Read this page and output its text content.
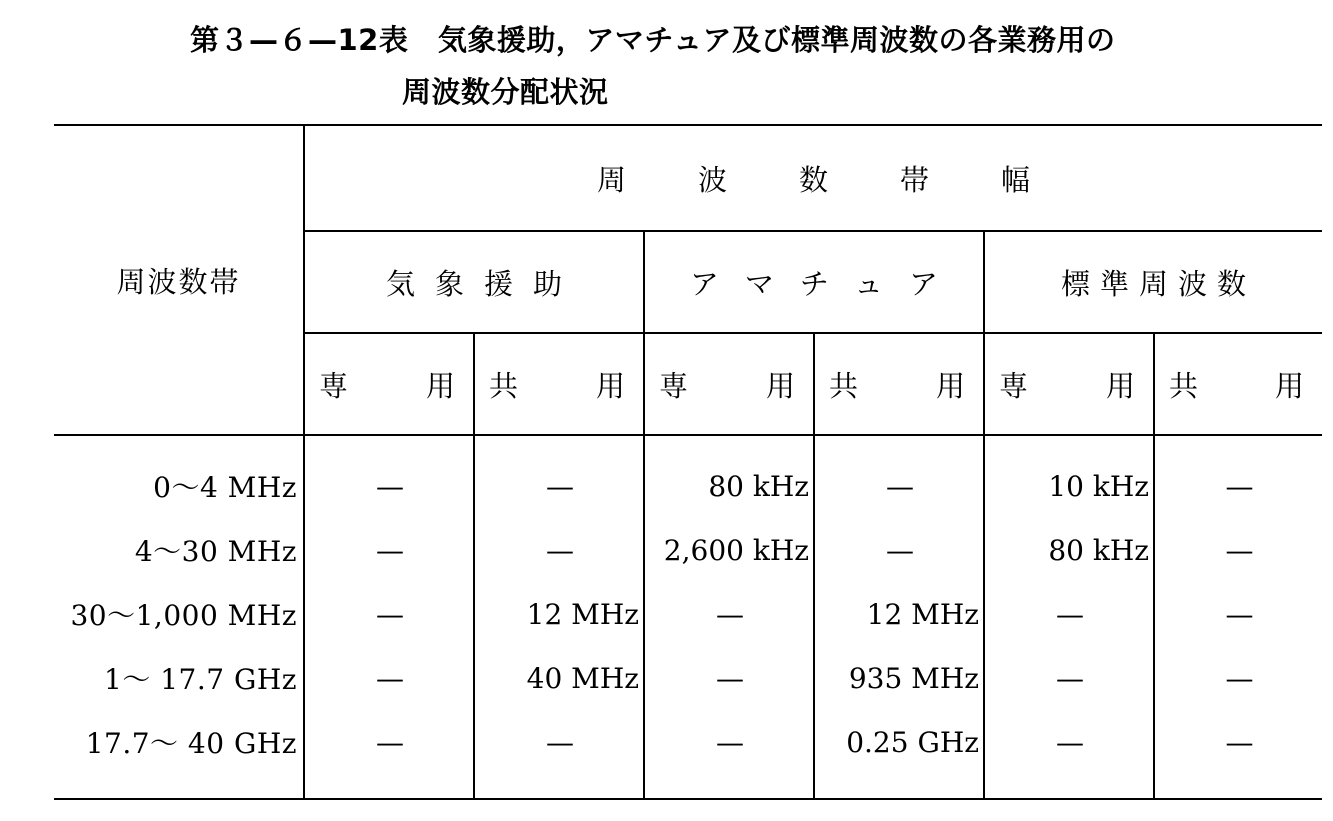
第３—６—12表　気象援助，アマチュア及び標準周波数の各業務用の
周波数分配状況
周波数帯	周波数帯幅					
	気象援助		アマチュア		標準周波数	

	専 用	共 用	専 用	共 用	専 用	共 用

0〜4 MHz	—	—	80 kHz	—	10 kHz	—
4〜30 MHz	—	—	2,600 kHz	—	80 kHz	—
30〜1,000 MHz	—	12 MHz	—	12 MHz	—	—
1〜 17.7 GHz	—	40 MHz	—	935 MHz	—	—
17.7〜 40 GHz	—	—	—	0.25 GHz	—	—
